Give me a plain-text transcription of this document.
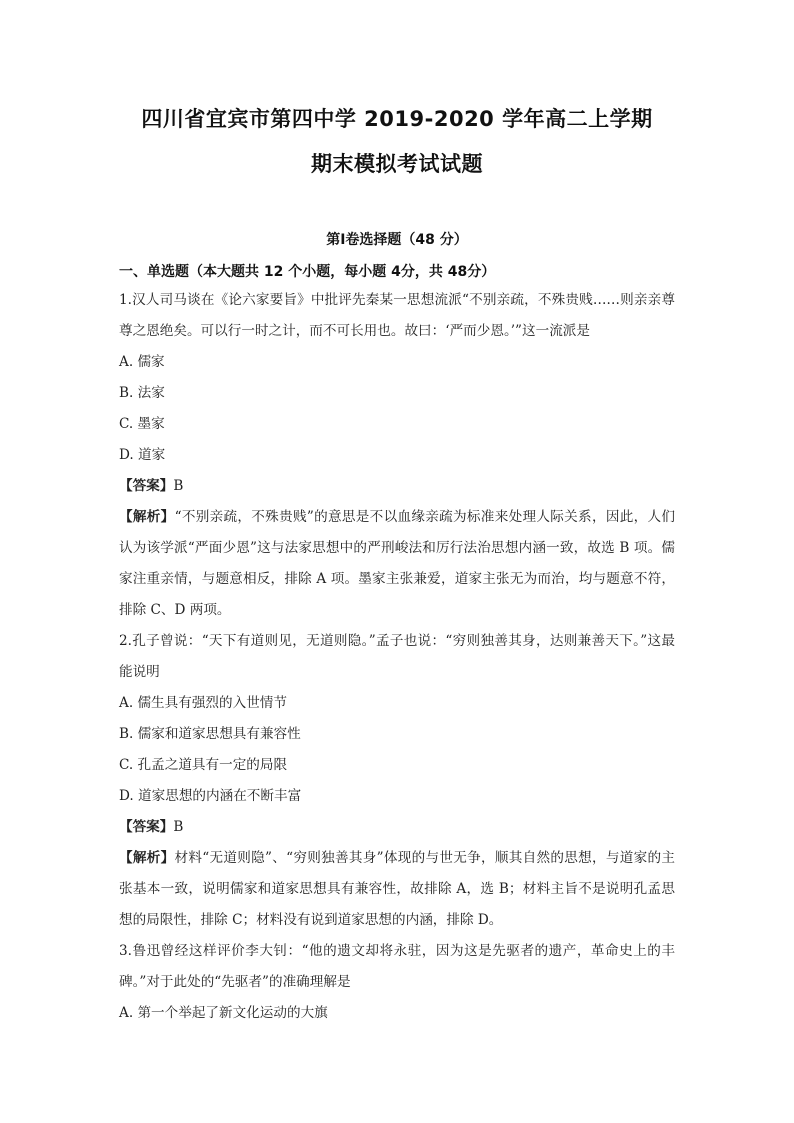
四川省宜宾市第四中学 2019-2020 学年高二上学期
期末模拟考试试题
第Ⅰ卷选择题（48 分）
一、单选题（本大题共 12 个小题，每小题 4分，共 48分）

1.汉人司马谈在《论六家要旨》中批评先秦某一思想流派“不别亲疏，不殊贵贱……则亲亲尊尊之恩绝矣。可以行一时之计，而不可长用也。故曰：‘严而少恩。’”这一流派是

A. 儒家

B. 法家

C. 墨家

D. 道家

【答案】B

【解析】“不别亲疏，不殊贵贱”的意思是不以血缘亲疏为标准来处理人际关系，因此，人们认为该学派“严面少恩”这与法家思想中的严刑峻法和厉行法治思想内涵一致，故选 B 项。儒家注重亲情，与题意相反，排除 A 项。墨家主张兼爱，道家主张无为而治，均与题意不符，排除 C、D 两项。

2.孔子曾说：“天下有道则见，无道则隐。”孟子也说：“穷则独善其身，达则兼善天下。”这最能说明

A. 儒生具有强烈的入世情节

B. 儒家和道家思想具有兼容性

C. 孔孟之道具有一定的局限

D. 道家思想的内涵在不断丰富

【答案】B

【解析】材料“无道则隐”、“穷则独善其身”体现的与世无争，顺其自然的思想，与道家的主张基本一致，说明儒家和道家思想具有兼容性，故排除 A，选 B；材料主旨不是说明孔孟思想的局限性，排除 C；材料没有说到道家思想的内涵，排除 D。

3.鲁迅曾经这样评价李大钊：“他的遗文却将永驻，因为这是先驱者的遗产，革命史上的丰碑。”对于此处的“先驱者”的准确理解是

A. 第一个举起了新文化运动的大旗
